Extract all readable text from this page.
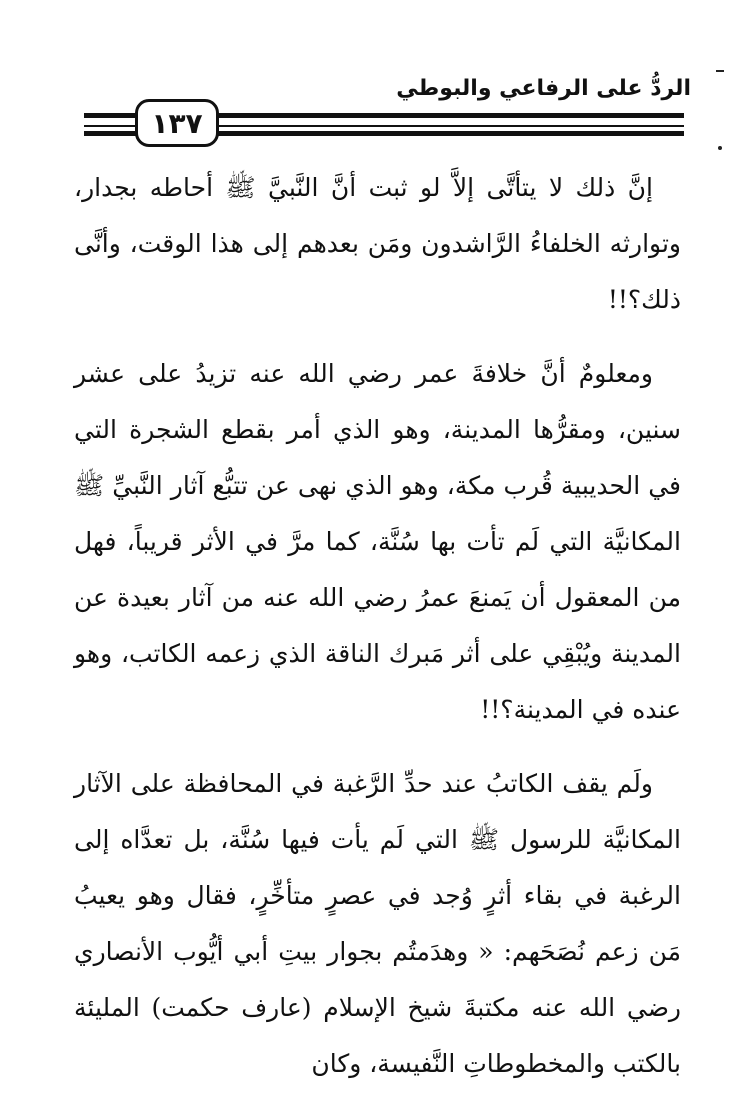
الردُّ على الرفاعي والبوطي
١٣٧

إنَّ ذلك لا يتأتَّى إلاَّ لو ثبت أنَّ النَّبيَّ ﷺ أحاطه بجدار، وتوارثه الخلفاءُ الرَّاشدون ومَن بعدهم إلى هذا الوقت، وأنَّى ذلك؟!!

ومعلومٌ أنَّ خلافةَ عمر رضي الله عنه تزيدُ على عشر سنين، ومقرُّها المدينة، وهو الذي أمر بقطع الشجرة التي في الحديبية قُرب مكة، وهو الذي نهى عن تتبُّع آثار النَّبيِّ ﷺ المكانيَّة التي لَم تأت بها سُنَّة، كما مرَّ في الأثر قريباً، فهل من المعقول أن يَمنعَ عمرُ رضي الله عنه من آثار بعيدة عن المدينة ويُبْقِي على أثر مَبرك الناقة الذي زعمه الكاتب، وهو عنده في المدينة؟!!

ولَم يقف الكاتبُ عند حدِّ الرَّغبة في المحافظة على الآثار المكانيَّة للرسول ﷺ التي لَم يأت فيها سُنَّة، بل تعدَّاه إلى الرغبة في بقاء أثرٍ وُجد في عصرٍ متأخِّرٍ، فقال وهو يعيبُ مَن زعم نُصَحَهم: « وهدَمتُم بجوار بيتِ أبي أيُّوب الأنصاري رضي الله عنه مكتبةَ شيخ الإسلام (عارف حكمت) المليئة بالكتب والمخطوطاتِ النَّفيسة، وكان
